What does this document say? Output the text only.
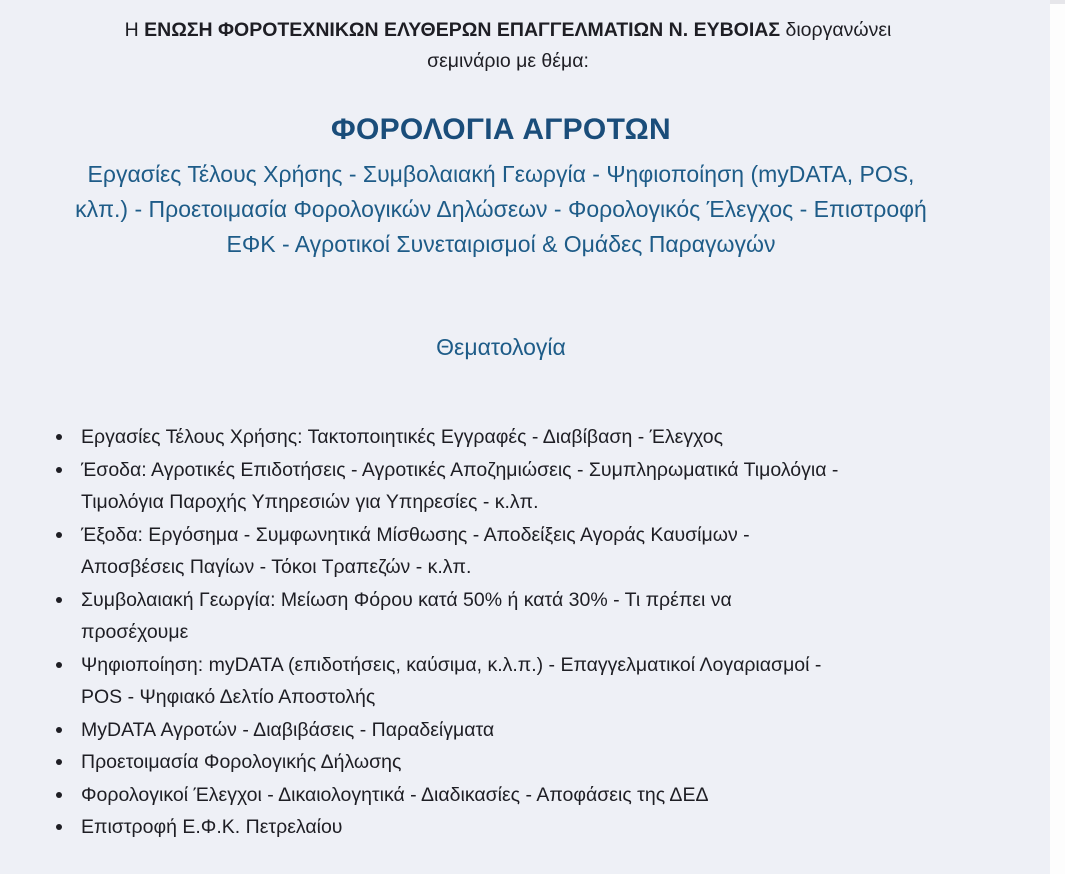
Η ΕΝΩΣΗ ΦΟΡΟΤΕΧΝΙΚΩΝ ΕΛΥΘΕΡΩΝ ΕΠΑΓΓΕΛΜΑΤΙΩΝ Ν. ΕΥΒΟΙΑΣ διοργανώνει
σεμινάριο με θέμα:
ΦΟΡΟΛΟΓΙΑ ΑΓΡΟΤΩΝ
Εργασίες Τέλους Χρήσης - Συμβολαιακή Γεωργία - Ψηφιοποίηση (myDATA, POS,
κλπ.) - Προετοιμασία Φορολογικών Δηλώσεων - Φορολογικός Έλεγχος - Επιστροφή
ΕΦΚ - Αγροτικοί Συνεταιρισμοί & Ομάδες Παραγωγών
Θεματολογία
Εργασίες Τέλους Χρήσης: Τακτοποιητικές Εγγραφές - Διαβίβαση - Έλεγχος
Έσοδα: Αγροτικές Επιδοτήσεις - Αγροτικές Αποζημιώσεις - Συμπληρωματικά Τιμολόγια -
Τιμολόγια Παροχής Υπηρεσιών για Υπηρεσίες - κ.λπ.
Έξοδα: Εργόσημα - Συμφωνητικά Μίσθωσης - Αποδείξεις Αγοράς Καυσίμων -
Αποσβέσεις Παγίων - Τόκοι Τραπεζών - κ.λπ.
Συμβολαιακή Γεωργία: Μείωση Φόρου κατά 50% ή κατά 30% - Τι πρέπει να
προσέχουμε
Ψηφιοποίηση: myDATA (επιδοτήσεις, καύσιμα, κ.λ.π.) - Επαγγελματικοί Λογαριασμοί -
POS - Ψηφιακό Δελτίο Αποστολής
MyDATA Αγροτών - Διαβιβάσεις - Παραδείγματα
Προετοιμασία Φορολογικής Δήλωσης
Φορολογικοί Έλεγχοι - Δικαιολογητικά - Διαδικασίες - Αποφάσεις της ΔΕΔ
Επιστροφή Ε.Φ.Κ. Πετρελαίου
